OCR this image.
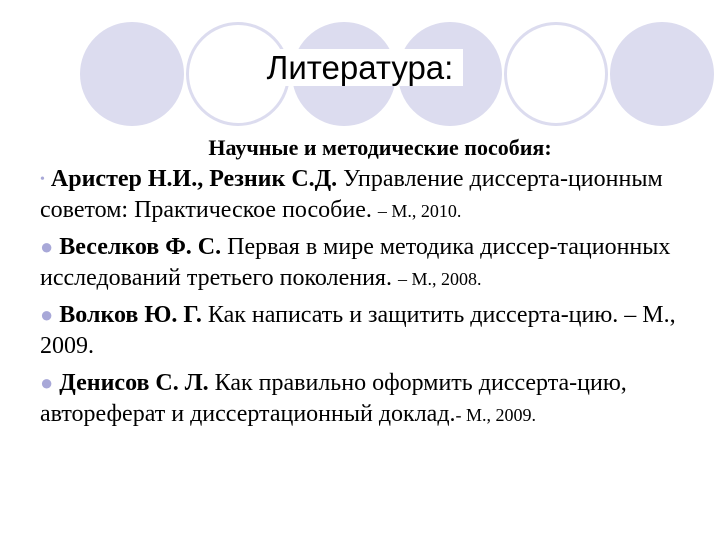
Литература:

Научные и методические пособия:

• Аристер Н.И., Резник С.Д. Управление диссерта-ционным советом: Практическое пособие. – М., 2010.

● Веселков Ф. С. Первая в мире методика диссер-тационных исследований третьего поколения. – М., 2008.

● Волков Ю. Г. Как написать и защитить диссерта-цию. – М., 2009.

● Денисов С. Л. Как правильно оформить диссерта-цию, автореферат и диссертационный доклад.- М., 2009.
